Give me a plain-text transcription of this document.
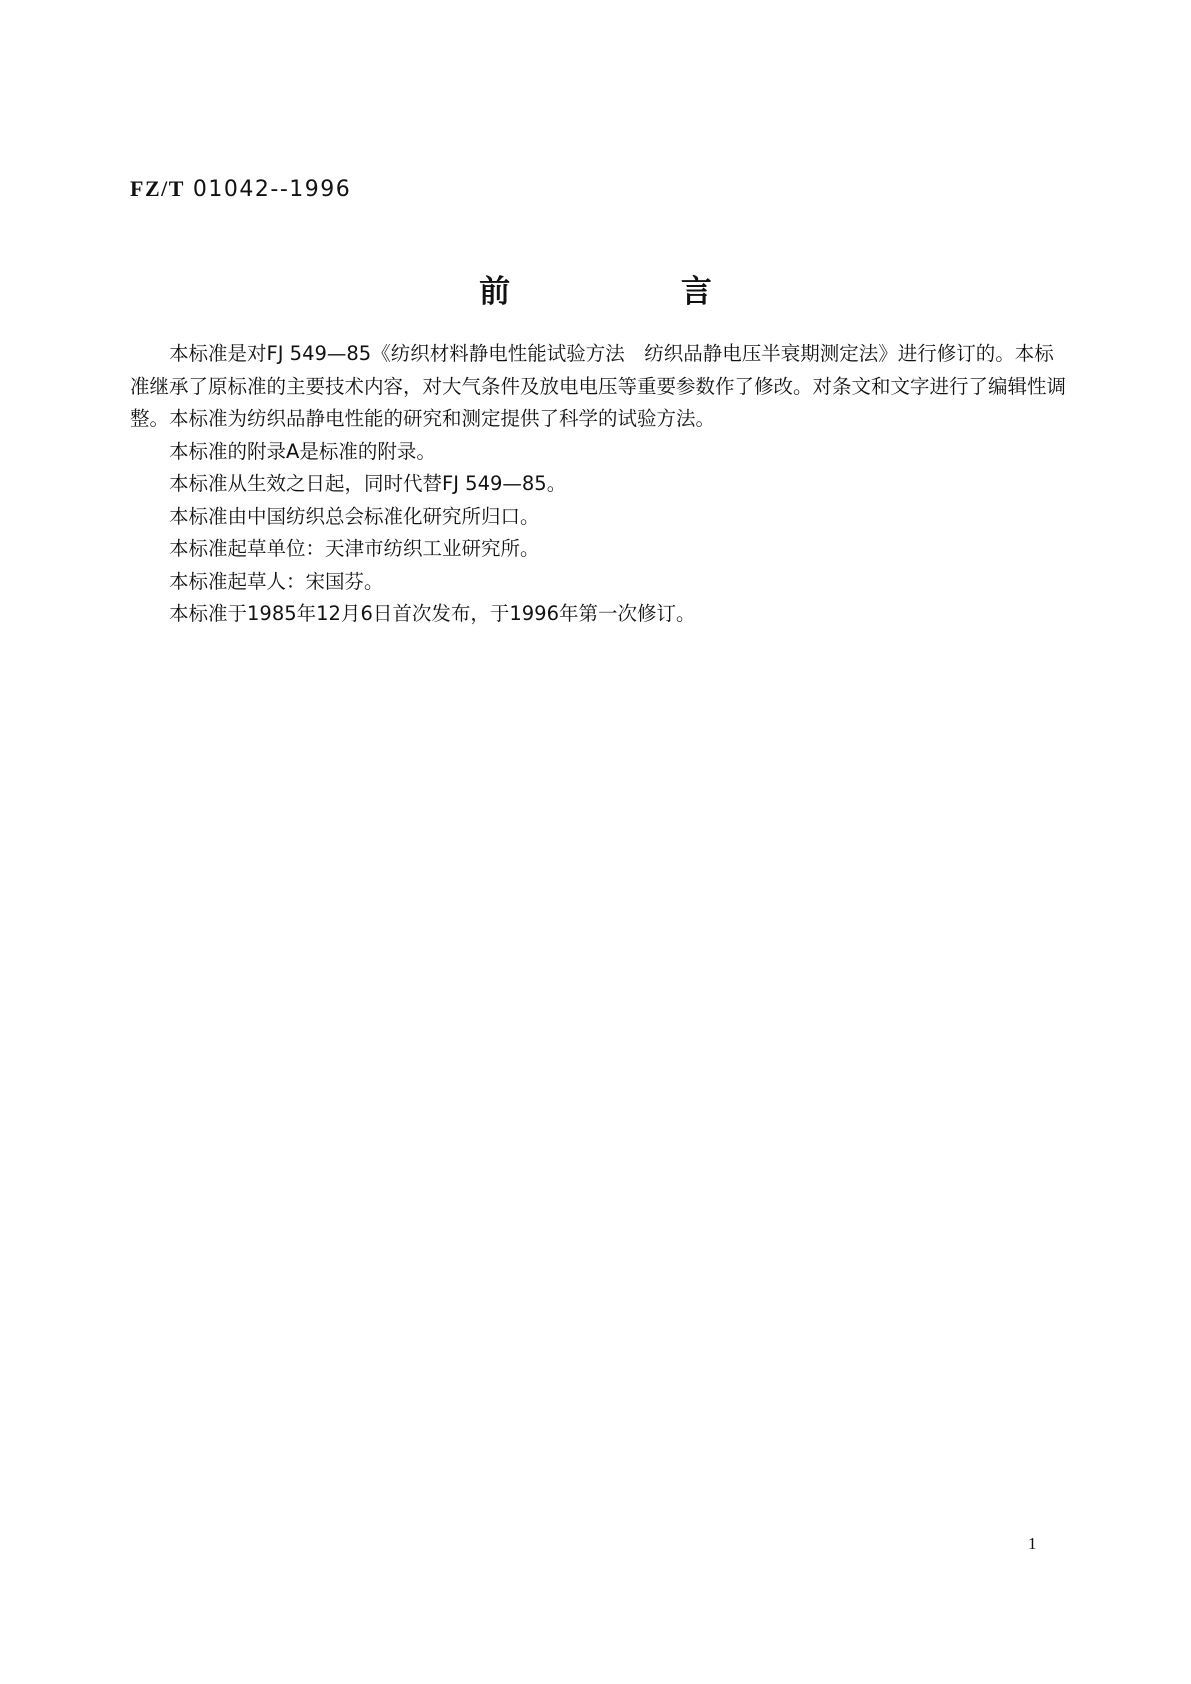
FZ/T 01042--1996
前 言

本标准是对FJ 549—85《纺织材料静电性能试验方法　纺织品静电压半衰期测定法》进行修订的。本标准继承了原标准的主要技术内容，对大气条件及放电电压等重要参数作了修改。对条文和文字进行了编辑性调整。本标准为纺织品静电性能的研究和测定提供了科学的试验方法。

本标准的附录A是标准的附录。

本标准从生效之日起，同时代替FJ 549—85。

本标准由中国纺织总会标准化研究所归口。

本标准起草单位：天津市纺织工业研究所。

本标准起草人：宋国芬。

本标准于1985年12月6日首次发布，于1996年第一次修订。

1
